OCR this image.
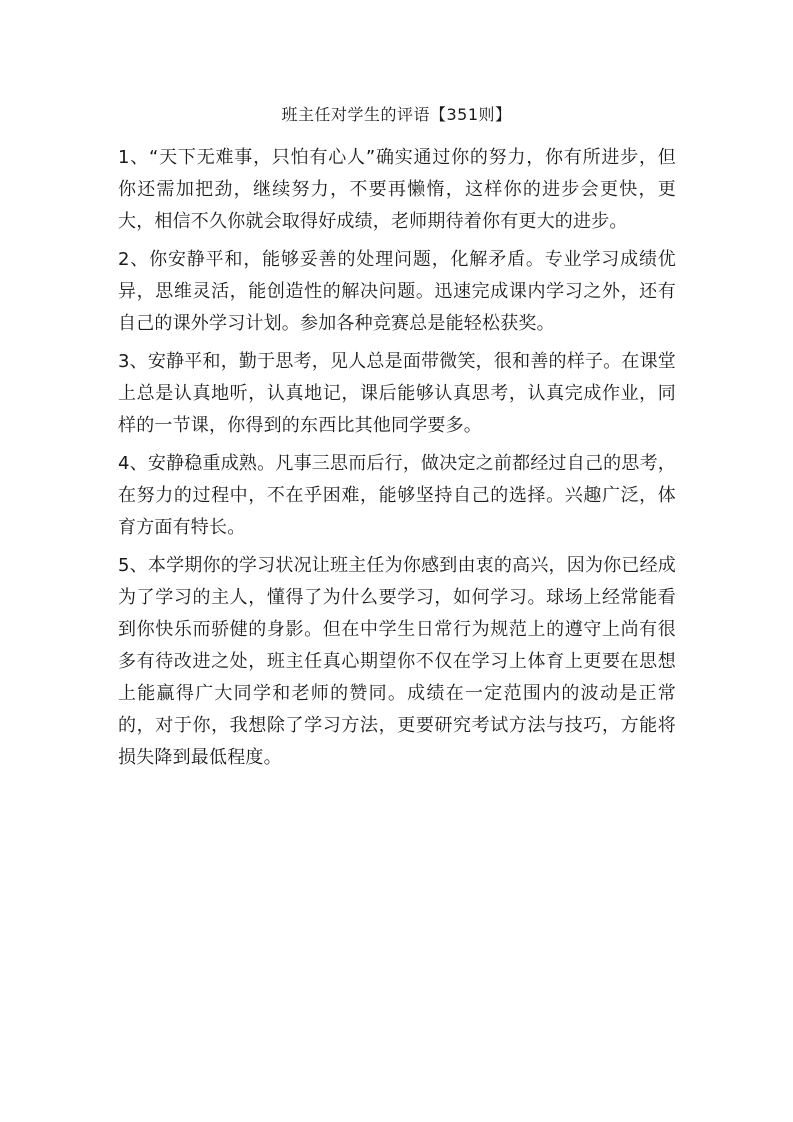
班主任对学生的评语【351则】

1、“天下无难事，只怕有心人”确实通过你的努力，你有所进步，但你还需加把劲，继续努力，不要再懒惰，这样你的进步会更快，更大，相信不久你就会取得好成绩，老师期待着你有更大的进步。

2、你安静平和，能够妥善的处理问题，化解矛盾。专业学习成绩优异，思维灵活，能创造性的解决问题。迅速完成课内学习之外，还有自己的课外学习计划。参加各种竞赛总是能轻松获奖。

3、安静平和，勤于思考，见人总是面带微笑，很和善的样子。在课堂上总是认真地听，认真地记，课后能够认真思考，认真完成作业，同样的一节课，你得到的东西比其他同学要多。

4、安静稳重成熟。凡事三思而后行，做决定之前都经过自己的思考，在努力的过程中，不在乎困难，能够坚持自己的选择。兴趣广泛，体育方面有特长。

5、本学期你的学习状况让班主任为你感到由衷的高兴，因为你已经成为了学习的主人，懂得了为什么要学习，如何学习。球场上经常能看到你快乐而骄健的身影。但在中学生日常行为规范上的遵守上尚有很多有待改进之处，班主任真心期望你不仅在学习上体育上更要在思想上能赢得广大同学和老师的赞同。成绩在一定范围内的波动是正常的，对于你，我想除了学习方法，更要研究考试方法与技巧，方能将损失降到最低程度。
